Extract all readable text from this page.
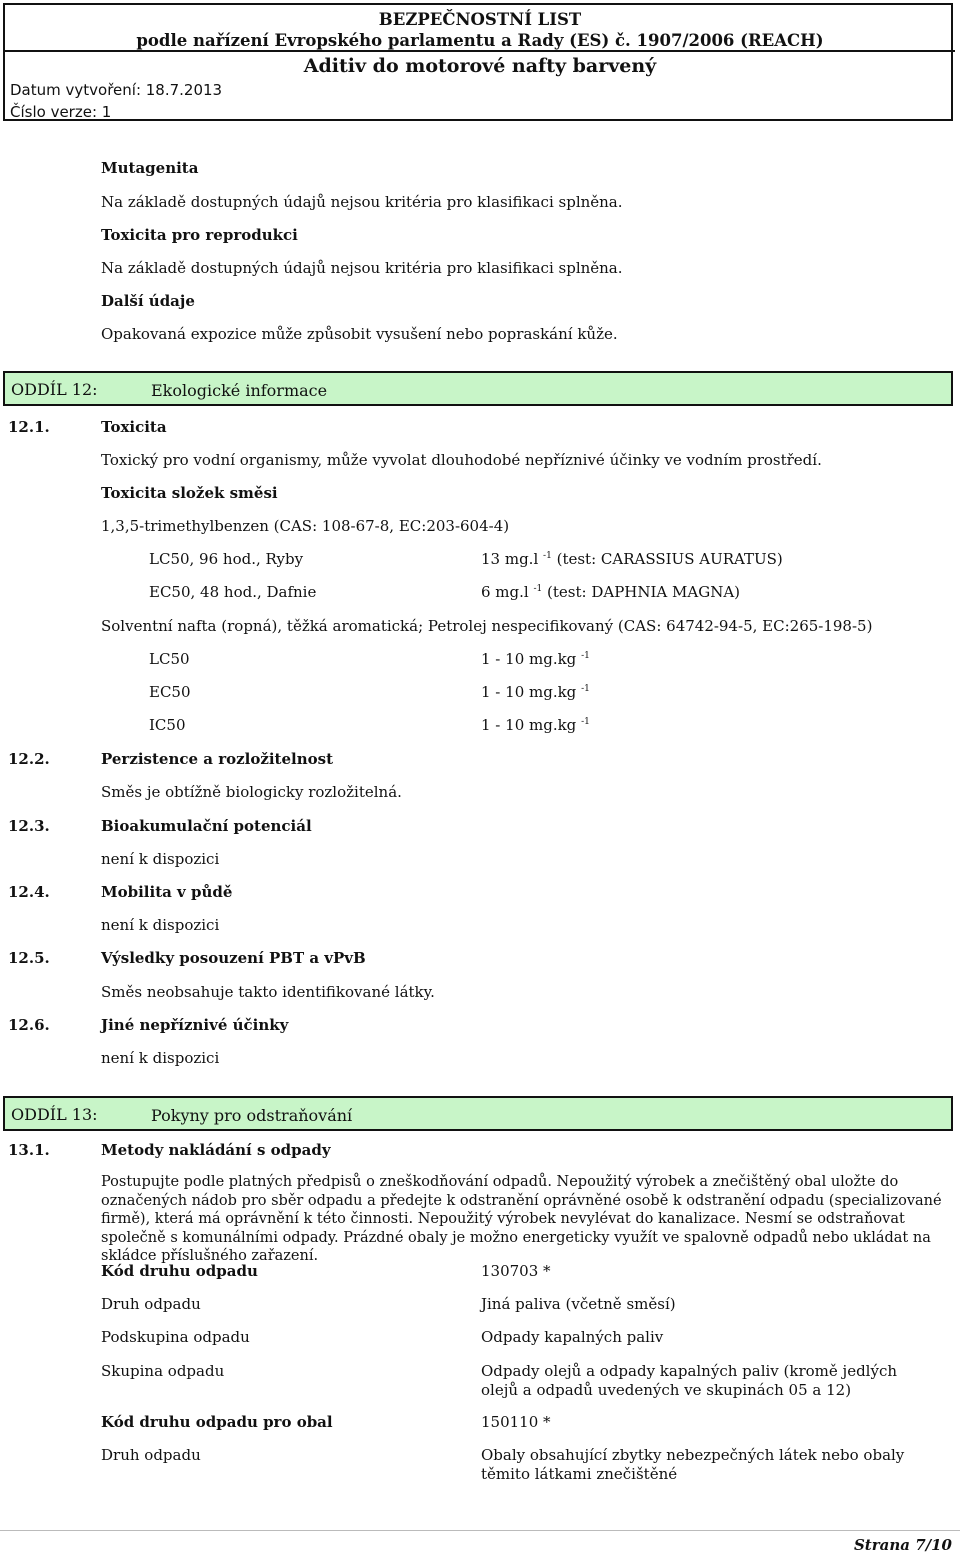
BEZPEČNOSTNÍ LIST
podle nařízení Evropského parlamentu a Rady (ES) č. 1907/2006 (REACH)
Aditiv do motorové nafty barvený
Datum vytvoření: 18.7.2013
Číslo verze: 1
Mutagenita
Na základě dostupných údajů nejsou kritéria pro klasifikaci splněna.
Toxicita pro reprodukci
Na základě dostupných údajů nejsou kritéria pro klasifikaci splněna.
Další údaje
Opakovaná expozice může způsobit vysušení nebo popraskání kůže.
ODDÍL 12:	Ekologické informace
12.1.	Toxicita
Toxický pro vodní organismy, může vyvolat dlouhodobé nepříznivé účinky ve vodním prostředí.
Toxicita složek směsi
1,3,5-trimethylbenzen (CAS: 108-67-8, EC:203-604-4)
LC50, 96 hod., Ryby	13 mg.l $^{-1}$ (test: CARASSIUS AURATUS)
EC50, 48 hod., Dafnie	6 mg.l $^{-1}$ (test: DAPHNIA MAGNA)
Solventní nafta (ropná), těžká aromatická; Petrolej nespecifikovaný (CAS: 64742-94-5, EC:265-198-5)
LC50	1 - 10 mg.kg $^{-1}$
EC50	1 - 10 mg.kg $^{-1}$
IC50	1 - 10 mg.kg $^{-1}$
12.2.	Perzistence a rozložitelnost
Směs je obtížně biologicky rozložitelná.
12.3.	Bioakumulační potenciál
není k dispozici
12.4.	Mobilita v půdě
není k dispozici
12.5.	Výsledky posouzení PBT a vPvB
Směs neobsahuje takto identifikované látky.
12.6.	Jiné nepříznivé účinky
není k dispozici
ODDÍL 13:	Pokyny pro odstraňování
13.1.	Metody nakládání s odpady
Postupujte podle platných předpisů o zneškodňování odpadů. Nepoužitý výrobek a znečištěný obal uložte do označených nádob pro sběr odpadu a předejte k odstranění oprávněné osobě k odstranění odpadu (specializované firmě), která má oprávnění k této činnosti. Nepoužitý výrobek nevylévat do kanalizace. Nesmí se odstraňovat společně s komunálními odpady. Prázdné obaly je možno energeticky využít ve spalovně odpadů nebo ukládat na skládce příslušného zařazení.
Kód druhu odpadu	130703 *
Druh odpadu	Jiná paliva (včetně směsí)
Podskupina odpadu	Odpady kapalných paliv
Skupina odpadu	Odpady olejů a odpady kapalných paliv (kromě jedlých olejů a odpadů uvedených ve skupinách 05 a 12)
Kód druhu odpadu pro obal	150110 *
Druh odpadu	Obaly obsahující zbytky nebezpečných látek nebo obaly těmito látkami znečištěné
Strana 7/10
